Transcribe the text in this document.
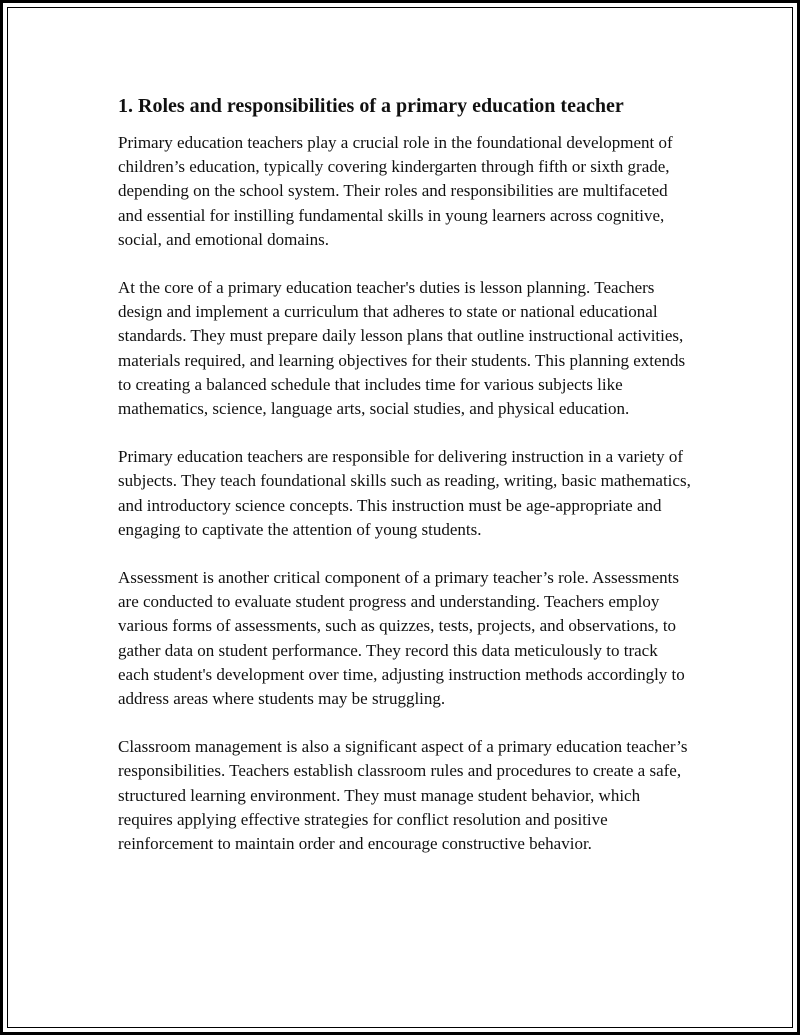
1. Roles and responsibilities of a primary education teacher

Primary education teachers play a crucial role in the foundational development of children’s education, typically covering kindergarten through fifth or sixth grade, depending on the school system. Their roles and responsibilities are multifaceted and essential for instilling fundamental skills in young learners across cognitive, social, and emotional domains.

At the core of a primary education teacher's duties is lesson planning. Teachers design and implement a curriculum that adheres to state or national educational standards. They must prepare daily lesson plans that outline instructional activities, materials required, and learning objectives for their students. This planning extends to creating a balanced schedule that includes time for various subjects like mathematics, science, language arts, social studies, and physical education.

Primary education teachers are responsible for delivering instruction in a variety of subjects. They teach foundational skills such as reading, writing, basic mathematics, and introductory science concepts. This instruction must be age-appropriate and engaging to captivate the attention of young students.

Assessment is another critical component of a primary teacher’s role. Assessments are conducted to evaluate student progress and understanding. Teachers employ various forms of assessments, such as quizzes, tests, projects, and observations, to gather data on student performance. They record this data meticulously to track each student's development over time, adjusting instruction methods accordingly to address areas where students may be struggling.

Classroom management is also a significant aspect of a primary education teacher’s responsibilities. Teachers establish classroom rules and procedures to create a safe, structured learning environment. They must manage student behavior, which requires applying effective strategies for conflict resolution and positive reinforcement to maintain order and encourage constructive behavior.
